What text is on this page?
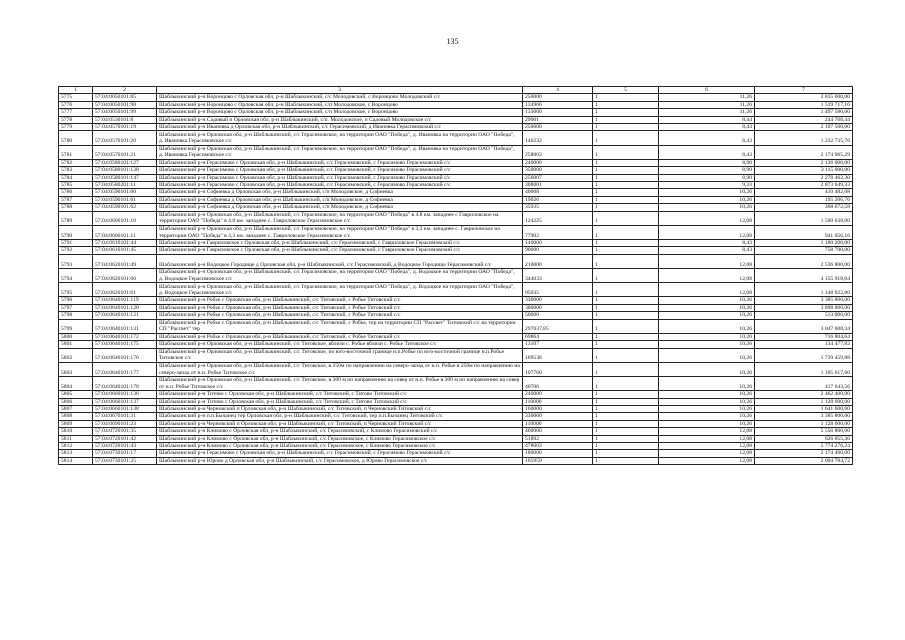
135
1	2	3	4	5	6	7
5775	57:04:0050101:85	Шаблыкинский р-н Воронцово с Орловская обл, р-н Шаблыкинский, с/с Молодовский, с Воронцово Молодовский с/с	250000	1	11,26	2 815 000,00
5776	57:04:0050101:98	Шаблыкинский р-н Воронцово с Орловская обл, р-н Шаблыкинский, с/п Молодовское, с Воронцово	134966	1	11,26	1 519 717,16
5777	57:04:0050101:99	Шаблыкинский р-н Воронцово с Орловская обл, р-н Шаблыкинский, с/п Молодовское, с Воронцово	133000	1	11,26	1 497 580,00
5778	57:04:0530101:8	Шаблыкинский р-н Садовый п Орловская обл, р-н Шаблыкинский, с/п. Молодовское, п Садовый Молодовское с/с	29001	1	8,44	244 768,44
5779	57:04:0570101:19	Шаблыкинский р-н Ивановка д Орловская обл, р-н Шаблыкинский, с/с Герасимовский, д Ивановка Герасимовский с/с	250000	1	8,43	2 107 500,00
5780	57:04:0570101:20	Шаблыкинский р-н Орловская обл, р-н Шаблыкинский, с/с Герасимовское, на территории ОАО "Победа", д. Ивановка на территории ОАО "Победа", д. Ивановка Герасимовское с/с	146232	1	8,43	1 232 735,76
5781	57:04:0570101:21	Шаблыкинский р-н Орловская обл, р-н Шаблыкинский, с/с Герасимовское, на территории ОАО "Победа", д. Ивановка на территории ОАО "Победа", д. Ивановка Герасимовское с/с	258003	1	8,43	2 174 965,29
5782	57:04:0580101:127	Шаблыкинский р-н Герасимово с Орловская обл, р-н Шаблыкинский, с/с Герасимовский, с Герасимово Герасимовский с/с	240000	1	8,90	2 136 000,00
5783	57:04:0580101:128	Шаблыкинский р-н Герасимово с Орловская обл, р-н Шаблыкинский, с/с Герасимовский, с Герасимово Герасимовский с/с	350000	1	8,90	3 115 000,00
5784	57:04:0580101:147	Шаблыкинский р-н Герасимово с Орловская обл, р-н Шаблыкинский, с/с Герасимовский, с Герасимово Герасимовский с/с	256007	1	8,90	2 278 462,30
5785	57:04:0580201:11	Шаблыкинский р-н Герасимово с Орловская обл, р-н Шаблыкинский, с/с Герасимовский, с Герасимово Герасимовский с/с	308001	1	9,33	2 873 649,33
5786	57:04:0590101:60	Шаблыкинский р-н Софиевка д Орловская обл, р-н Шаблыкинский, с/п Молодовское, д Софиевка	40008	1	10,26	410 482,08
5787	57:04:0590101:61	Шаблыкинский р-н Софиевка д Орловская обл, р-н Шаблыкинский, с/п Молодовское, д Софиевка	19026	1	10,26	195 206,76
5788	57:04:0590101:62	Шаблыкинский р-н Софиевка д Орловская обл, р-н Шаблыкинский, с/п Молодовское, д Софиевка	35935	1	10,26	368 672,58
5789	57:04:0600101:10	Шаблыкинский р-н Орловская обл, р-н Шаблыкинский, с/с Герасимовское, на территории ОАО "Победа" в 4.8 км. западнее с Гавриловское на территории ОАО "Победа" в 4.8 км. западнее с. Гавриловское Герасимовское с/с	124225	1	12,08	1 500 638,00
5790	57:04:0600101:11	Шаблыкинский р-н Орловская обл, р-н Шаблыкинский, с/с Герасимовское, на территории ОАО "Победа" в 3,3 км. западнее с. Гавриловское на территории ОАО "Победа" в 3,3 км. западнее с. Гавриловское Герасимовское с/с	77902	1	12,08	941 056,16
5791	57:04:0610101:44	Шаблыкинский р-н Гавриловское с Орловская обл, р-н Шаблыкинский, с/с Герасимовский, с Гавриловское Герасимовский с/с	140000	1	8,43	1 180 200,00
5792	57:04:0610101:45	Шаблыкинский р-н Гавриловское с Орловская обл, р-н Шаблыкинский, с/с Герасимовский, с Гавриловское Герасимовский с/с	90000	1	8,43	758 700,00
5793	57:04:0620101:49	Шаблыкинский р-н Водоцкое Городище д Орловская обл, р-н Шаблыкинский, с/с Герасимовский, д Водоцкое Городище Герасимовский с/с	210000	1	12,08	2 536 800,00
5794	57:04:0620101:60	Шаблыкинский р-н Орловская обл, р-н Шаблыкинский, с/с Герасимовское, на территории ОАО "Победа", д. Водоцкое на территории ОАО "Победа", д. Водоцкое Герасимовское с/с	344033	1	12,08	4 155 918,64
5795	57:04:0620101:61	Шаблыкинский р-н Орловская обл, р-н Шаблыкинский, с/с Герасимовское, на территории ОАО "Победа", д. Водоцкое на территории ОАО "Победа", д. Водоцкое Герасимовское с/с	95035	1	12,08	1 148 022,80
5796	57:04:0640101:119	Шаблыкинский р-н Робье с Орловская обл, р-н Шаблыкинский, с/с Титовский, с Робье Титовский с/с	330000	1	10,26	3 385 800,00
5797	57:04:0640101:120	Шаблыкинский р-н Робье с Орловская обл, р-н Шаблыкинский, с/с Титовский, с Робье Титовский с/с	380000	1	10,26	3 898 800,00
5798	57:04:0640101:121	Шаблыкинский р-н Робье с Орловская обл, р-н Шаблыкинский, с/с Титовский, с Робье Титовский с/с	50000	1	10,26	513 000,00
5799	57:04:0640101:131	Шаблыкинский р-н Робье с Орловская обл, р-н Шаблыкинский, с/с Титовский, с Робье, тер на территории СП "Рассвет" Титовский с/с на территории СП "Рассвет" тер	297037,85	1	10,26	3 047 608,34
5800	57:04:0640101:172	Шаблыкинский р-н Робье с Орловская обл, р-н Шаблыкинский, с/с Титовский, с Робье Титовский с/с	69864	1	10,26	716 804,64
5801	57:04:0640101:175	Шаблыкинский р-н Орловская обл, р-н Шаблыкинский, с/с Титовское, вблизи с. Робье вблизи с. Робье Титовское с/с	13107	1	10,26	134 477,82
5802	57:04:0640101:176	Шаблыкинский р-н Орловская обл, р-н Шаблыкинский, с/с Титовское, по юго-восточной границе н.п.Робье по юго-восточной границе н.п.Робье Титовское с/с	169538	1	10,26	1 739 459,88
5803	57:04:0640101:177	Шаблыкинский р-н Орловская обл, р-н Шаблыкинский, с/с Титовское, в 250м по направлению на северо-запад от н.п. Робье в 250м по направлению на северо-запад от н.п. Робье Титовское с/с	107760	1	10,26	1 105 617,60
5804	57:04:0640101:178	Шаблыкинский р-н Орловская обл, р-н Шаблыкинский, с/с Титовское, в 300 м по направлению на север от н.п. Робье в 300 м по направлению на север от н.п. Робье Титовское с/с	40706	1	10,26	417 643,56
5805	57:04:0660101:136	Шаблыкинский р-н Титово с Орловская обл, р-н Шаблыкинский, с/с Титовский, с Титово Титовский с/с	240000	1	10,26	2 462 400,00
5806	57:04:0660101:137	Шаблыкинский р-н Титово с Орловская обл, р-н Шаблыкинский, с/с Титовский, с Титово Титовский с/с	110000	1	10,26	1 128 600,00
5807	57:04:0660101:138	Шаблыкинский р-н Черновский п Орловская обл, р-н Шаблыкинский, с/с Титовский, п Черновский Титовский с/с	160000	1	10,26	1 641 600,00
5808	57:04:0670101:31	Шаблыкинский р-н п.п.Бычанец тер Орловская обл, р-н Шаблыкинский, с/с Титовский, тер п.п.Бычанец Титовский с/с	330000	1	10,26	3 385 800,00
5809	57:04:0690101:23	Шаблыкинский р-н Черновский п Орловская обл, р-н Шаблыкинский, с/с Титовский, п Черновский Титовский с/с	110000	1	10,26	1 128 600,00
5810	57:04:0720101:35	Шаблыкинский р-н Климово с Орловская обл, р-н Шаблыкинский, с/с Герасимовский, с Климово Герасимовский с/с	460000	1	12,08	5 556 800,00
5811	57:04:0720101:42	Шаблыкинский р-н Климово с Орловская обл, р-н Шаблыкинский, с/с Герасимовское, с Климово Герасимовское с/с	51892	1	12,08	626 855,36
5812	57:04:0720101:43	Шаблыкинский р-н Климово с Орловская обл, р-н Шаблыкинский, с/с Герасимовское, с Климово Герасимовское с/с	478003	1	12,08	5 774 276,24
5813	57:04:0730101:17	Шаблыкинский р-н Герасимово с Орловская обл, р-н Шаблыкинский, с/с Герасимовский, с Герасимово Герасимовский с/с	180000	1	12,08	2 174 400,00
5814	57:04:0730101:25	Шаблыкинский р-н Юрово д Орловская обл, р-н Шаблыкинский, с/с Герасимовское, д Юрово Герасимовское с/с	165959	1	12,08	2 004 784,72
